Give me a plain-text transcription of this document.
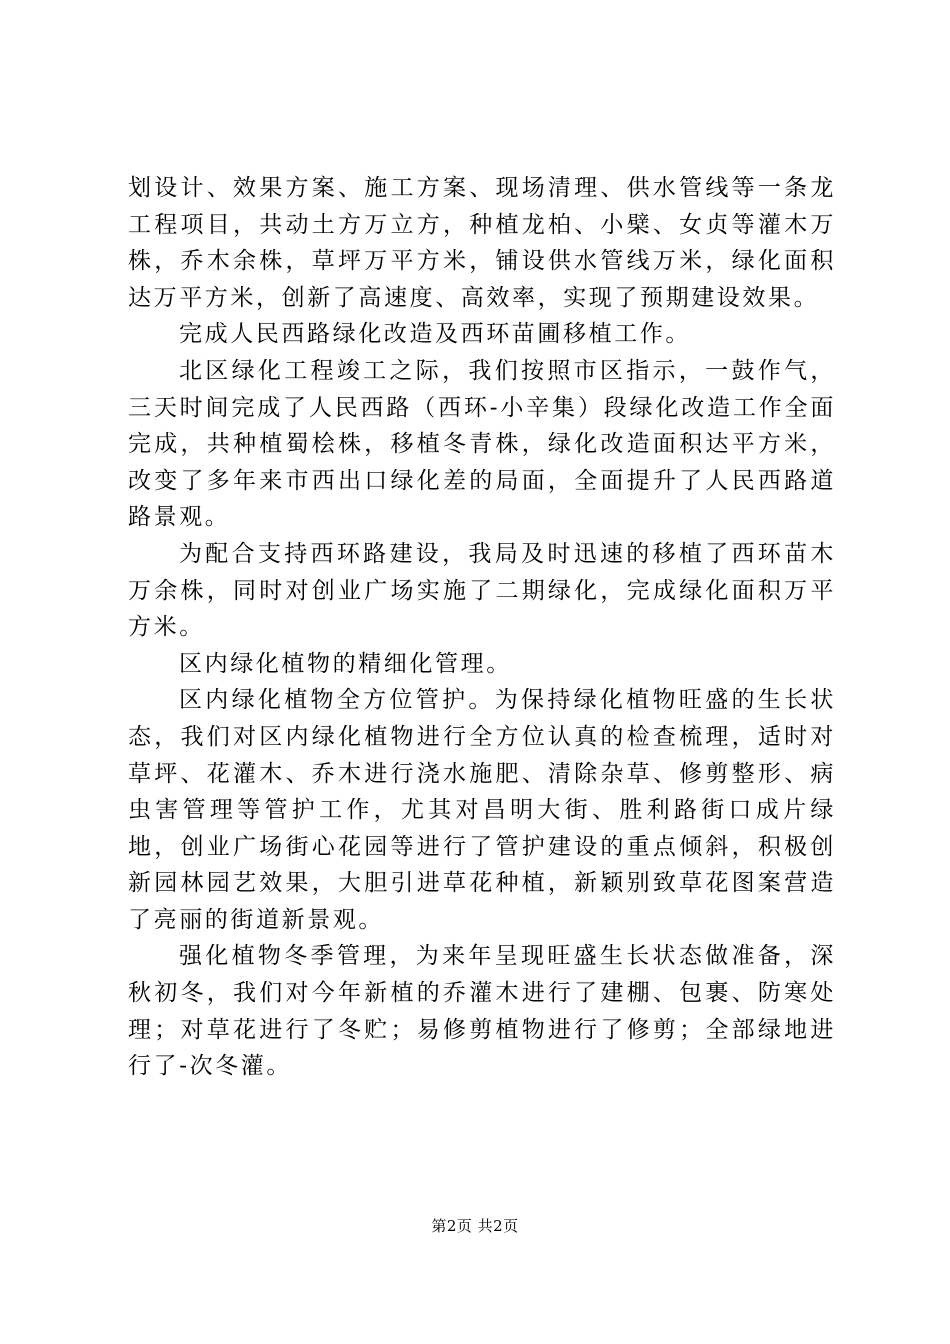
划设计、效果方案、施工方案、现场清理、供水管线等一条龙工程项目，共动土方万立方，种植龙柏、小檗、女贞等灌木万株，乔木余株，草坪万平方米，铺设供水管线万米，绿化面积达万平方米，创新了高速度、高效率，实现了预期建设效果。

完成人民西路绿化改造及西环苗圃移植工作。

北区绿化工程竣工之际，我们按照市区指示，一鼓作气，三天时间完成了人民西路（西环-小辛集）段绿化改造工作全面完成，共种植蜀桧株，移植冬青株，绿化改造面积达平方米，改变了多年来市西出口绿化差的局面，全面提升了人民西路道路景观。

为配合支持西环路建设，我局及时迅速的移植了西环苗木万余株，同时对创业广场实施了二期绿化，完成绿化面积万平方米。

区内绿化植物的精细化管理。

区内绿化植物全方位管护。为保持绿化植物旺盛的生长状态，我们对区内绿化植物进行全方位认真的检查梳理，适时对草坪、花灌木、乔木进行浇水施肥、清除杂草、修剪整形、病虫害管理等管护工作，尤其对昌明大街、胜利路街口成片绿地，创业广场街心花园等进行了管护建设的重点倾斜，积极创新园林园艺效果，大胆引进草花种植，新颖别致草花图案营造了亮丽的街道新景观。

强化植物冬季管理，为来年呈现旺盛生长状态做准备，深秋初冬，我们对今年新植的乔灌木进行了建棚、包裹、防寒处理；对草花进行了冬贮；易修剪植物进行了修剪；全部绿地进行了-次冬灌。

第2页 共2页
